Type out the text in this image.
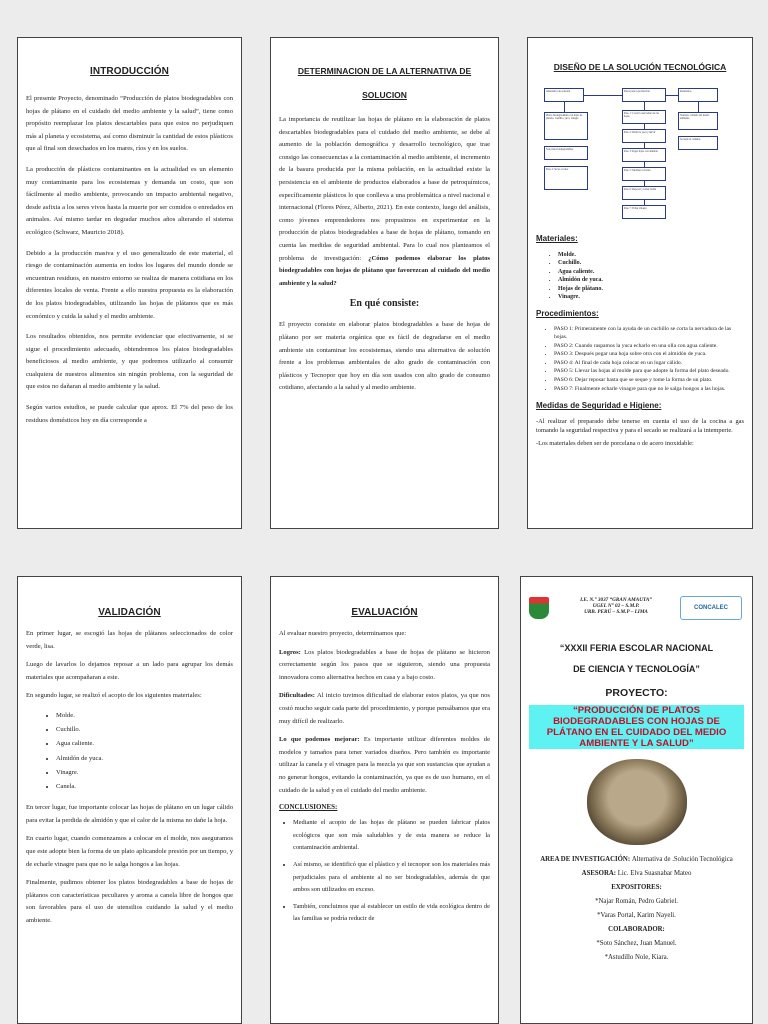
INTRODUCCIÓN

El presente Proyecto, denominado “Producción de platos biodegradables con hojas de plátano en el cuidado del medio ambiente y la salud”, tiene como propósito reemplazar los platos descartables para que estos no perjudiquen más al planeta y ecosistema, así como disminuir la cantidad de estos plásticos que al final son desechados en los mares, ríos y en los suelos.

La producción de plásticos contaminantes en la actualidad es un elemento muy contaminante para los ecosistemas y demanda un costo, que son fácilmente al medio ambiente, provocando un impacto ambiental negativo, desde asfixia a los seres vivos hasta la muerte por ser comidos o enredados en animales. Así mismo tardar en degradar muchos años alterando el sistema ecológico (Schwarz, Mauricio 2018).

Debido a la producción masiva y el uso generalizado de este material, el riesgo de contaminación aumenta en todos los lugares del mundo donde se encuentran residuos, en nuestro entorno se realiza de manera cotidiana en los diferentes locales de venta. Frente a ello nuestra propuesta es la elaboración de los platos biodegradables, utilizando las hojas de plátanos que es más económico y cuida la salud y el medio ambiente.

Los resultados obtenidos, nos permite evidenciar que efectivamente, si se sigue el procedimiento adecuado, obtendremos los platos biodegradables beneficiosos al medio ambiente, y que podremos utilizarlo al consumir cualquiera de nuestros alimentos sin ningún problema, con la seguridad de que estos no dañaran al medio ambiente y la salud.

Según varios estudios, se puede calcular que aprox. El 7% del peso de los residuos domésticos hoy en día corresponde a

DETERMINACION DE LA ALTERNATIVA DE
SOLUCION

La importancia de reutilizar las hojas de plátano en la elaboración de platos descartables biodegradables para el cuidado del medio ambiente, se debe al aumento de la población demográfica y desarrollo tecnológico, que trae consigo las consecuencias a la contaminación al medio ambiente, el incremento de la basura producida por la misma población, en la actualidad existe la persistencia en el ambiente de productos elaborados a base de petroquímicos, específicamente plásticos lo que conlleva a una problemática a nivel nacional e internacional (Flores Pérez, Alberto, 2021). En este contexto, luego del análisis, como jóvenes emprendedores nos propusimos en experimentar en la producción de platos biodegradables a base de hojas de plátano, tomando en cuenta las medidas de seguridad ambiental. Para lo cual nos planteamos el problema de investigación: ¿Cómo podemos elaborar los platos biodegradables con hojas de plátano que favorezcan al cuidado del medio ambiente y la salud?

En qué consiste:

El proyecto consiste en elaborar platos biodegradables a base de hojas de plátano por ser materia orgánica que es fácil de degradarse en el medio ambiente sin contaminar los ecosistemas, siendo una alternativa de solución frente a los problemas ambientales de alto grado de contaminación con plásticos y Tecnopor que hoy en día son usados con alto grado de consumo cotidiano, afectando a la salud y al medio ambiente.

DISEÑO DE LA SOLUCIÓN TECNOLÓGICA
Alternativa de solución	Pasos para la producción	Resultados
Platos biodegradables con hojas de plátano, cuchillo, yuca, vinagre
Paso 1: Cortar la nervadura de las hojas	Ventajas: cuidado del medio ambiente
Son platos biodegradables
Paso 2: Rallar la yuca y hervir
Se usan en comidas
Paso 3: Pegar hojas con almidón
Paso 4: Secar al calor	Paso 5: Moldear la forma
Paso 6: Reposar y tomar forma
Paso 7: Echar vinagre
Materiales:
• Molde.
• Cuchillo.
• Agua caliente.
• Almidón de yuca.
• Hojas de plátano.
• Vinagre.
Procedimientos:
• PASO 1: Primeramente con la ayuda de un cuchillo se corta la nervadura de las hojas.
• PASO 2: Cuando raspamos la yuca echarlo en una olla con agua caliente.
• PASO 3: Después pegar una hoja sobre otra con el almidón de yuca.
• PASO 4: Al final de cada hoja colocar en un lugar cálido.
• PASO 5: Llevar las hojas al molde para que adopte la forma del plato deseado.
• PASO 6: Dejar reposar hasta que se seque y tome la forma de un plato.
• PASO 7: Finalmente echarle vinagre para que no le salga hongos a las hojas.
Medidas de Seguridad e Higiene:

-Al realizar el preparado debe tenerse en cuenta el uso de la cocina a gas tomando la seguridad respectiva y para el secado se realizará a la intemperie.

-Los materiales deben ser de porcelana o de acero inoxidable:

VALIDACIÓN

En primer lugar, se escogió las hojas de plátanos seleccionados de color verde, lisa.

Luego de lavarlos lo dejamos reposar a un lado para agrupar los demás materiales que acompañaran a este.

En segundo lugar, se realizó el acopio de los siguientes materiales:

• Molde.
• Cuchillo.
• Agua caliente.
• Almidón de yuca.
• Vinagre.
• Canela.

En tercer lugar, fue importante colocar las hojas de plátano en un lugar cálido para evitar la perdida de almidón y que el calor de la misma no dañe la hoja.

En cuarto lugar, cuando comenzamos a colocar en el molde, nos aseguramos que este adopte bien la forma de un plato aplicandole presión por un tiempo, y de echarle vinagre para que no le salga hongos a las hojas.

Finalmente, pudimos obtener los platos biodegradables a base de hojas de plátanos con características peculiares y aroma a canela libre de hongos que son favorables para el uso de utensilios cuidando la salud y el medio ambiente.

EVALUACIÓN

Al evaluar nuestro proyecto, determinamos que:

Logros: Los platos biodegradables a base de hojas de plátano se hicieron correctamente según los pasos que se siguieron, siendo una propuesta innovadora como alternativa hechos en casa y a bajo costo.

Dificultades: Al inicio tuvimos dificultad de elaborar estos platos, ya que nos costó mucho seguir cada parte del procedimiento, y porque pensábamos que era muy difícil de realizarlo.

Lo que podemos mejorar: Es importante utilizar diferentes moldes de modelos y tamaños para tener variados diseños. Pero también es importante utilizar la canela y el vinagre para la mezcla ya que son sustancias que ayudan a no generar hongos, evitando la contaminación, ya que es de uso humano, en el cuidado de la salud y en el cuidado del medio ambiente.

CONCLUSIONES:
• Mediante el acopio de las hojas de plátano se pueden fabricar platos ecológicos que son más saludables y de esta manera se reduce la contaminación ambiental.
• Así mismo, se identificó que el plástico y el tecnopor son los materiales más perjudiciales para el ambiente al no ser biodegradables, además de que ambos son utilizados en exceso.
• También, concluimos que al establecer un estilo de vida ecológica dentro de las familias se podría reducir de
I.E. N.° 3037 “GRAN AMAUTA”
UGEL N° 02 – S.M.P.
URB. PERÚ – S.M.P – LIMA
CONCALEC
“XXXII FERIA ESCOLAR NACIONAL
DE CIENCIA Y TECNOLOGÍA”
PROYECTO:
“PRODUCCIÓN DE PLATOS BIODEGRADABLES CON HOJAS DE PLÁTANO EN EL CUIDADO DEL MEDIO AMBIENTE Y LA SALUD”
AREA DE INVESTIGACIÓN: Alternativa de .Solución Tecnológica
ASESORA: Lic. Elva Suasnabar Mateo
EXPOSITORES:
*Najar Román, Pedro Gabriel.
*Varas Portal, Karim Nayeli.
COLABORADOR:
*Soto Sánchez, Juan Manuel.
*Astudillo Nole, Kiara.
